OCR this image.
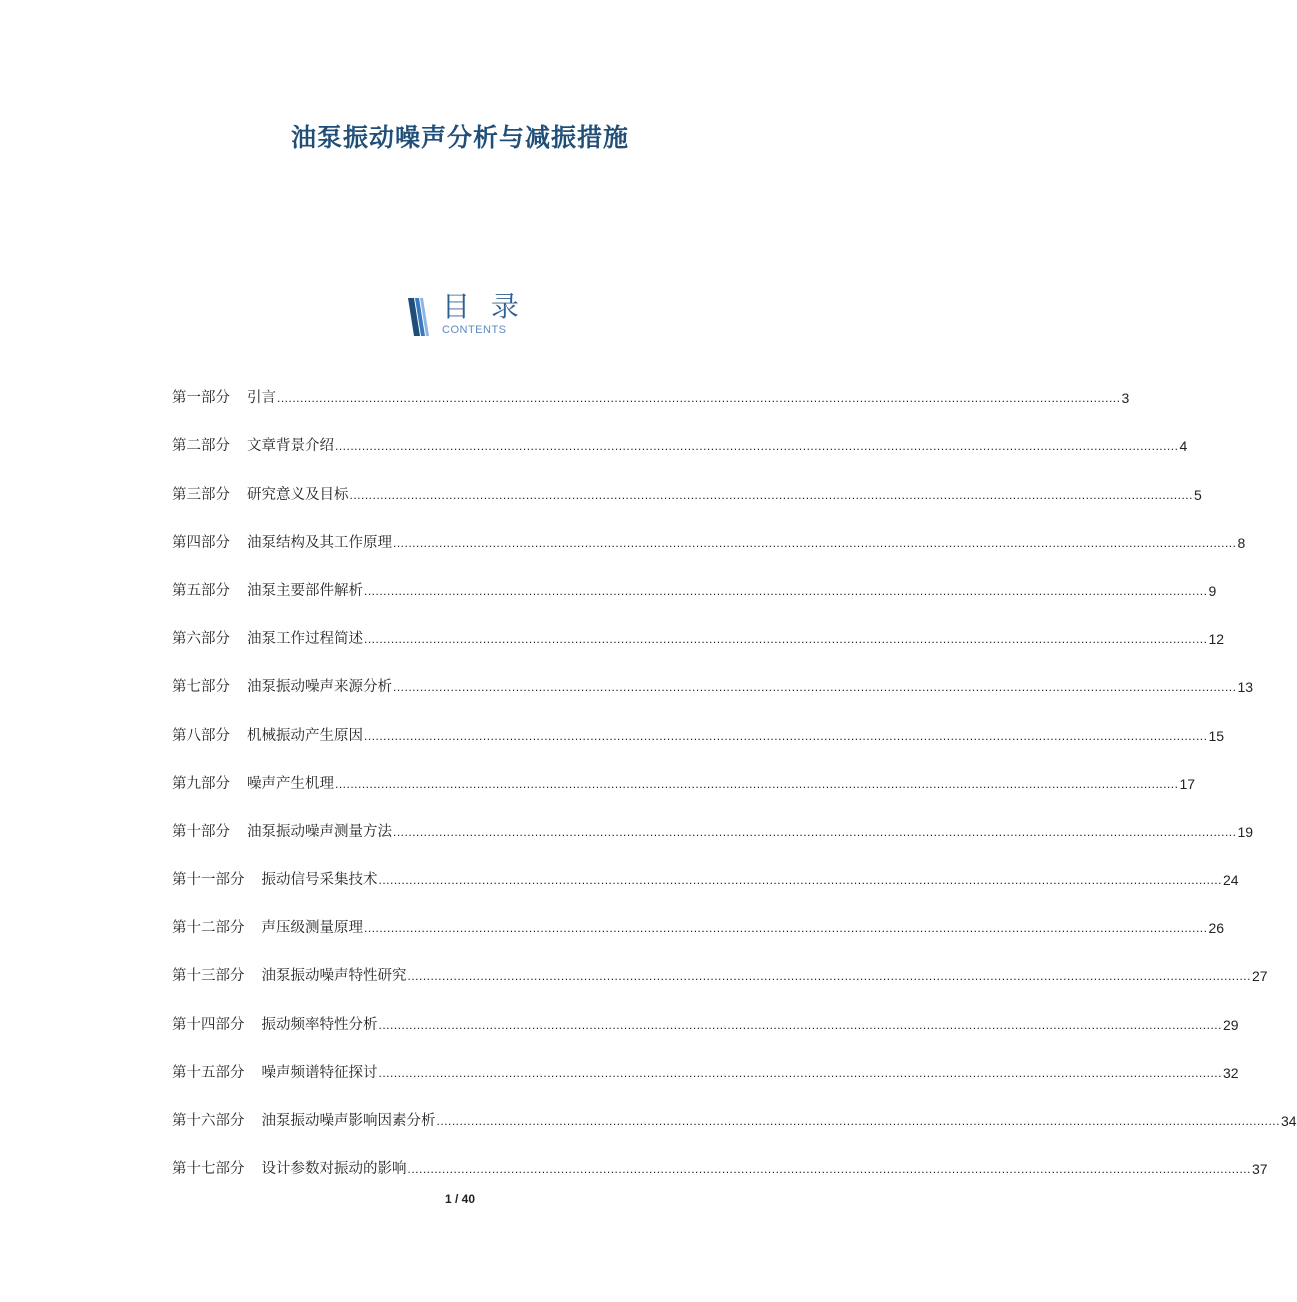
油泵振动噪声分析与减振措施
目 录
CONTENTS
第一部分 引言 ............................................................................................................................................................................................................................ 3
第二部分 文章背景介绍 ............................................................................................................................................................................................................................ 4
第三部分 研究意义及目标 ............................................................................................................................................................................................................................ 5
第四部分 油泵结构及其工作原理 ............................................................................................................................................................................................................................ 8
第五部分 油泵主要部件解析 ............................................................................................................................................................................................................................ 9
第六部分 油泵工作过程简述 ............................................................................................................................................................................................................................ 12
第七部分 油泵振动噪声来源分析 ............................................................................................................................................................................................................................ 13
第八部分 机械振动产生原因 ............................................................................................................................................................................................................................ 15
第九部分 噪声产生机理 ............................................................................................................................................................................................................................ 17
第十部分 油泵振动噪声测量方法 ............................................................................................................................................................................................................................ 19
第十一部分 振动信号采集技术 ............................................................................................................................................................................................................................ 24
第十二部分 声压级测量原理 ............................................................................................................................................................................................................................ 26
第十三部分 油泵振动噪声特性研究 ............................................................................................................................................................................................................................ 27
第十四部分 振动频率特性分析 ............................................................................................................................................................................................................................ 29
第十五部分 噪声频谱特征探讨 ............................................................................................................................................................................................................................ 32
第十六部分 油泵振动噪声影响因素分析 ............................................................................................................................................................................................................................ 34
第十七部分 设计参数对振动的影响 ............................................................................................................................................................................................................................ 37
1 / 40
